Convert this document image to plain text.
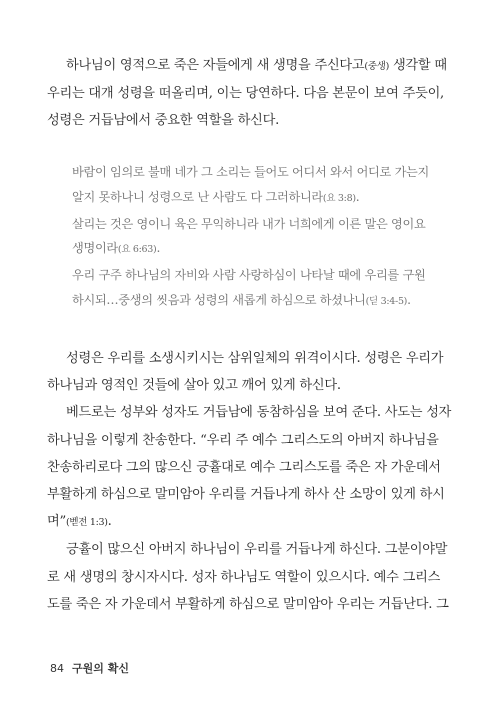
하나님이 영적으로 죽은 자들에게 새 생명을 주신다고(중생) 생각할 때

우리는 대개 성령을 떠올리며, 이는 당연하다. 다음 본문이 보여 주듯이,

성령은 거듭남에서 중요한 역할을 하신다.

바람이 임의로 불매 네가 그 소리는 들어도 어디서 와서 어디로 가는지

알지 못하나니 성령으로 난 사람도 다 그러하니라(요 3:8).

살리는 것은 영이니 육은 무익하니라 내가 너희에게 이른 말은 영이요

생명이라(요 6:63).

우리 구주 하나님의 자비와 사람 사랑하심이 나타날 때에 우리를 구원

하시되…중생의 씻음과 성령의 새롭게 하심으로 하셨나니(딛 3:4-5).

성령은 우리를 소생시키시는 삼위일체의 위격이시다. 성령은 우리가

하나님과 영적인 것들에 살아 있고 깨어 있게 하신다.

베드로는 성부와 성자도 거듭남에 동참하심을 보여 준다. 사도는 성자

하나님을 이렇게 찬송한다. “우리 주 예수 그리스도의 아버지 하나님을

찬송하리로다 그의 많으신 긍휼대로 예수 그리스도를 죽은 자 가운데서

부활하게 하심으로 말미암아 우리를 거듭나게 하사 산 소망이 있게 하시

며”(벧전 1:3).

긍휼이 많으신 아버지 하나님이 우리를 거듭나게 하신다. 그분이야말

로 새 생명의 창시자시다. 성자 하나님도 역할이 있으시다. 예수 그리스

도를 죽은 자 가운데서 부활하게 하심으로 말미암아 우리는 거듭난다. 그

84 구원의 확신
